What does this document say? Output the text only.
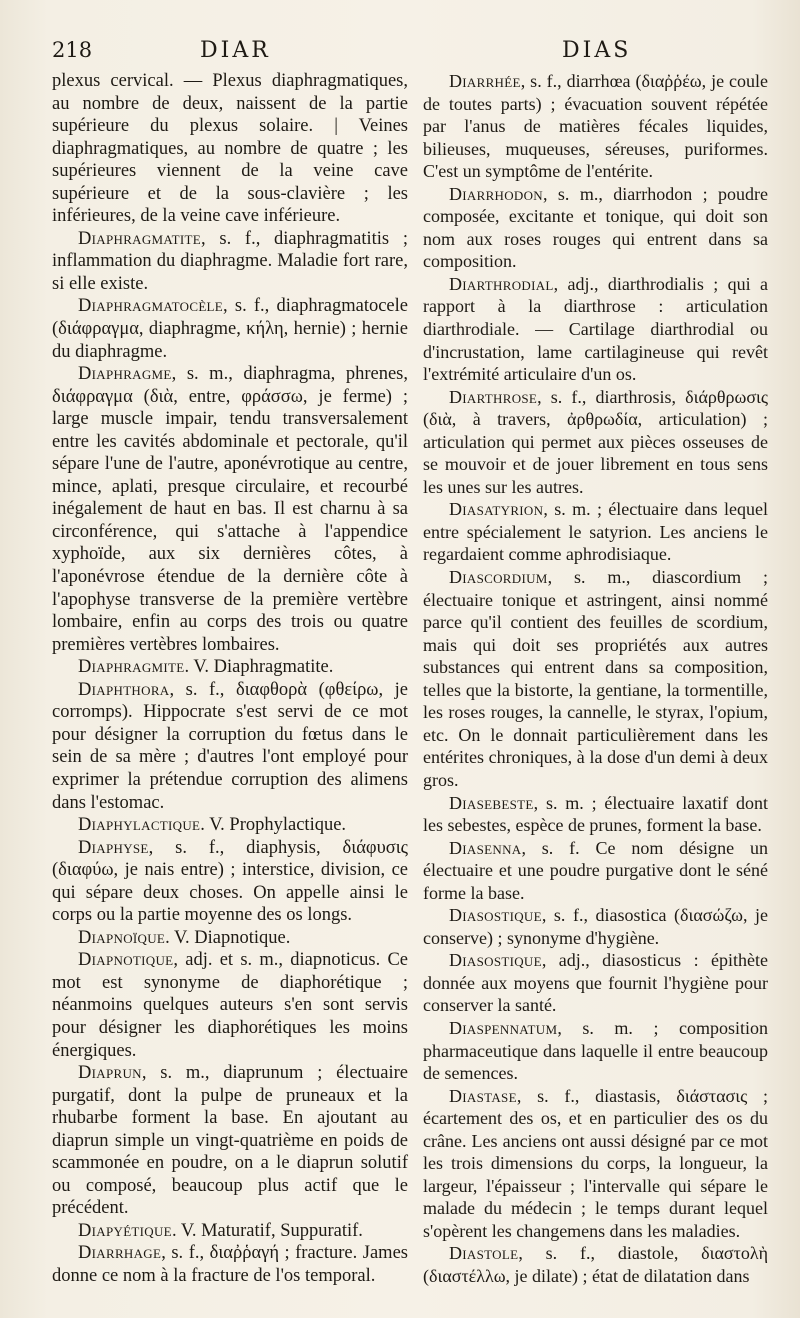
218	DIAR	DIAS

plexus cervical. — Plexus diaphragmatiques, au nombre de deux, naissent de la partie supérieure du plexus solaire. | Veines diaphragmatiques, au nombre de quatre ; les supérieures viennent de la veine cave supérieure et de la sous-clavière ; les inférieures, de la veine cave inférieure.

Diaphragmatite, s. f., diaphragmatitis ; inflammation du diaphragme. Maladie fort rare, si elle existe.

Diaphragmatocèle, s. f., diaphragmatocele (διάφραγμα, diaphragme, κήλη, hernie) ; hernie du diaphragme.

Diaphragme, s. m., diaphragma, phrenes, διάφραγμα (διὰ, entre, φράσσω, je ferme) ; large muscle impair, tendu transversalement entre les cavités abdominale et pectorale, qu'il sépare l'une de l'autre, aponévrotique au centre, mince, aplati, presque circulaire, et recourbé inégalement de haut en bas. Il est charnu à sa circonférence, qui s'attache à l'appendice xyphoïde, aux six dernières côtes, à l'aponévrose étendue de la dernière côte à l'apophyse transverse de la première vertèbre lombaire, enfin au corps des trois ou quatre premières vertèbres lombaires.

Diaphragmite. V. Diaphragmatite.

Diaphthora, s. f., διαφθορὰ (φθείρω, je corromps). Hippocrate s'est servi de ce mot pour désigner la corruption du fœtus dans le sein de sa mère ; d'autres l'ont employé pour exprimer la prétendue corruption des alimens dans l'estomac.

Diaphylactique. V. Prophylactique.

Diaphyse, s. f., diaphysis, διάφυσις (διαφύω, je nais entre) ; interstice, division, ce qui sépare deux choses. On appelle ainsi le corps ou la partie moyenne des os longs.

Diapnoïque. V. Diapnotique.

Diapnotique, adj. et s. m., diapnoticus. Ce mot est synonyme de diaphorétique ; néanmoins quelques auteurs s'en sont servis pour désigner les diaphorétiques les moins énergiques.

Diaprun, s. m., diaprunum ; électuaire purgatif, dont la pulpe de pruneaux et la rhubarbe forment la base. En ajoutant au diaprun simple un vingt-quatrième en poids de scammonée en poudre, on a le diaprun solutif ou composé, beaucoup plus actif que le précédent.

Diapyétique. V. Maturatif, Suppuratif.

Diarrhage, s. f., διαῤῥαγή ; fracture. James donne ce nom à la fracture de l'os temporal.

Diarrhée, s. f., diarrhœa (διαῤῥέω, je coule de toutes parts) ; évacuation souvent répétée par l'anus de matières fécales liquides, bilieuses, muqueuses, séreuses, puriformes. C'est un symptôme de l'entérite.

Diarrhodon, s. m., diarrhodon ; poudre composée, excitante et tonique, qui doit son nom aux roses rouges qui entrent dans sa composition.

Diarthrodial, adj., diarthrodialis ; qui a rapport à la diarthrose : articulation diarthrodiale. — Cartilage diarthrodial ou d'incrustation, lame cartilagineuse qui revêt l'extrémité articulaire d'un os.

Diarthrose, s. f., diarthrosis, διάρθρωσις (διὰ, à travers, ἀρθρωδία, articulation) ; articulation qui permet aux pièces osseuses de se mouvoir et de jouer librement en tous sens les unes sur les autres.

Diasatyrion, s. m. ; électuaire dans lequel entre spécialement le satyrion. Les anciens le regardaient comme aphrodisiaque.

Diascordium, s. m., diascordium ; électuaire tonique et astringent, ainsi nommé parce qu'il contient des feuilles de scordium, mais qui doit ses propriétés aux autres substances qui entrent dans sa composition, telles que la bistorte, la gentiane, la tormentille, les roses rouges, la cannelle, le styrax, l'opium, etc. On le donnait particulièrement dans les entérites chroniques, à la dose d'un demi à deux gros.

Diasebeste, s. m. ; électuaire laxatif dont les sebestes, espèce de prunes, forment la base.

Diasenna, s. f. Ce nom désigne un électuaire et une poudre purgative dont le séné forme la base.

Diasostique, s. f., diasostica (διασώζω, je conserve) ; synonyme d'hygiène.

Diasostique, adj., diasosticus : épithète donnée aux moyens que fournit l'hygiène pour conserver la santé.

Diaspennatum, s. m. ; composition pharmaceutique dans laquelle il entre beaucoup de semences.

Diastase, s. f., diastasis, διάστασις ; écartement des os, et en particulier des os du crâne. Les anciens ont aussi désigné par ce mot les trois dimensions du corps, la longueur, la largeur, l'épaisseur ; l'intervalle qui sépare le malade du médecin ; le temps durant lequel s'opèrent les changemens dans les maladies.

Diastole, s. f., diastole, διαστολὴ (διαστέλλω, je dilate) ; état de dilatation dans
